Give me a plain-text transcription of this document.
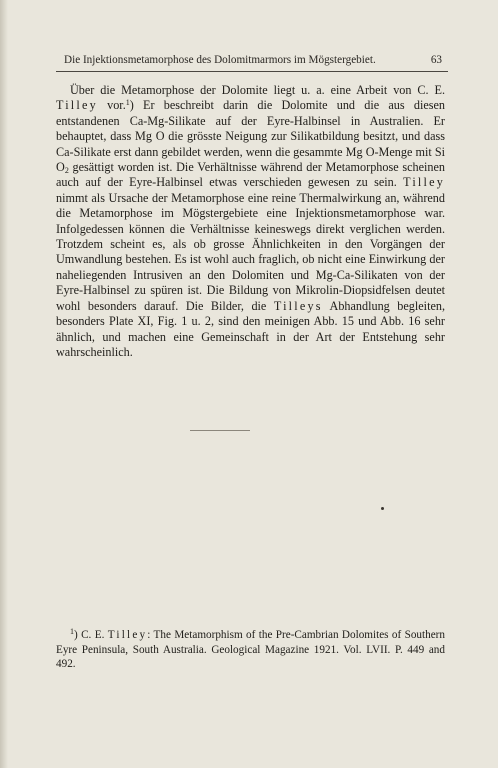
Die Injektionsmetamorphose des Dolomitmarmors im Mögstergebiet.	63

Über die Metamorphose der Dolomite liegt u. a. eine Arbeit von C. E. Tilley vor.$^1$) Er beschreibt darin die Dolomite und die aus diesen entstandenen Ca-Mg-Silikate auf der Eyre-Halbinsel in Australien. Er behauptet, dass Mg O die grösste Neigung zur Silikatbildung besitzt, und dass Ca-Silikate erst dann gebildet werden, wenn die gesammte Mg O-Menge mit Si $O_2$ gesättigt worden ist. Die Verhältnisse während der Metamorphose scheinen auch auf der Eyre-Halbinsel etwas verschieden gewesen zu sein. Tilley nimmt als Ursache der Metamorphose eine reine Thermalwirkung an, während die Metamorphose im Mögstergebiete eine Injektionsmetamorphose war. Infolgedessen können die Verhältnisse keineswegs direkt verglichen werden. Trotzdem scheint es, als ob grosse Ähnlichkeiten in den Vorgängen der Umwandlung bestehen. Es ist wohl auch fraglich, ob nicht eine Einwirkung der naheliegenden Intrusiven an den Dolomiten und Mg-Ca-Silikaten von der Eyre-Halbinsel zu spüren ist. Die Bildung von Mikrolin-Diopsidfelsen deutet wohl besonders darauf. Die Bilder, die Tilleys Abhandlung begleiten, besonders Plate XI, Fig. 1 u. 2, sind den meinigen Abb. 15 und Abb. 16 sehr ähnlich, und machen eine Gemeinschaft in der Art der Entstehung sehr wahrscheinlich.

$^1$) C. E. Tilley: The Metamorphism of the Pre-Cambrian Dolomites of Southern Eyre Peninsula, South Australia. Geological Magazine 1921. Vol. LVII. P. 449 and 492.
